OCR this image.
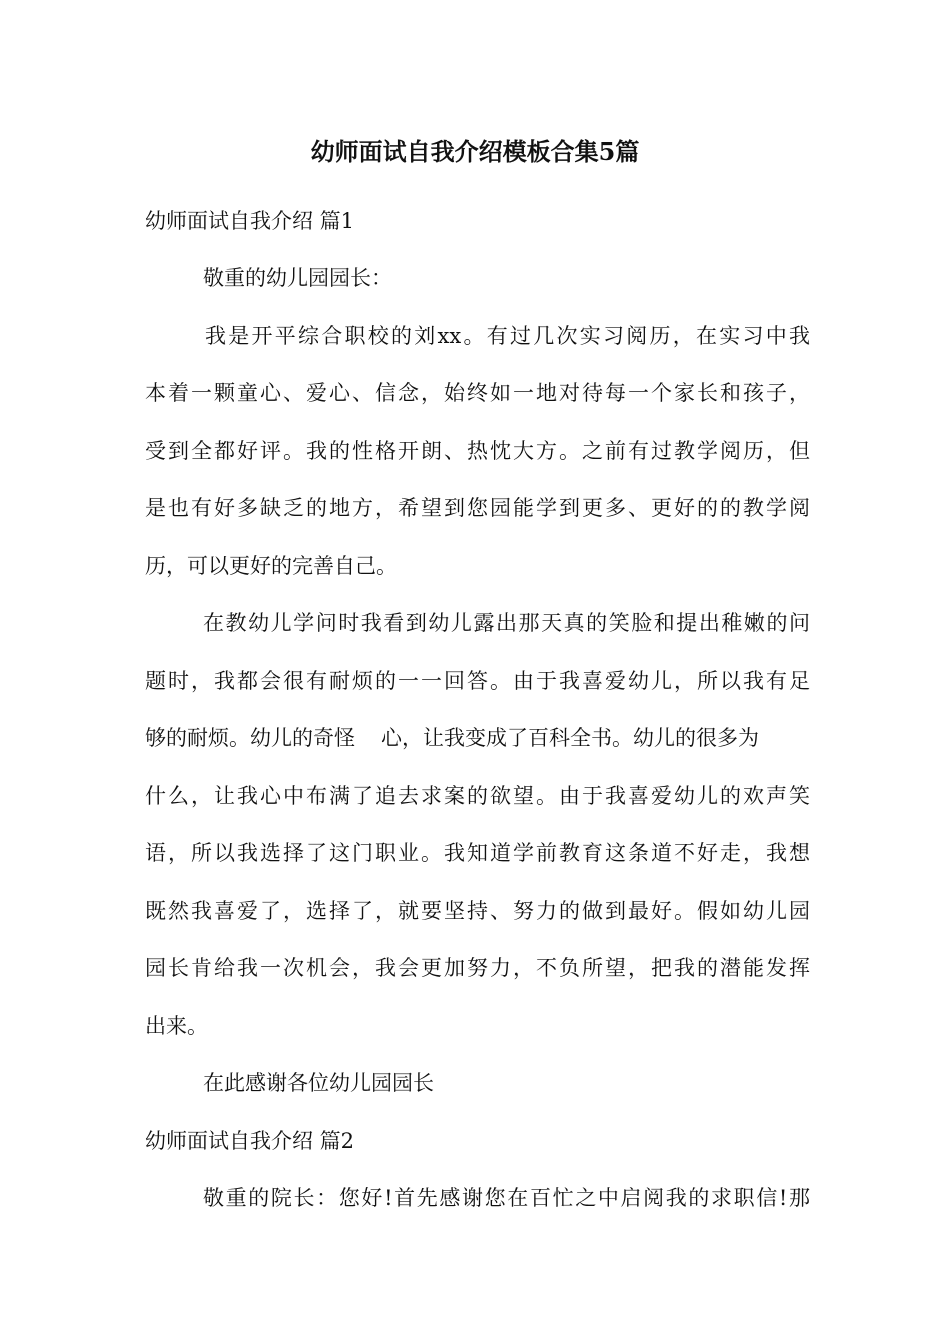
幼师面试自我介绍模板合集5篇
幼师面试自我介绍 篇1
敬重的幼儿园园长：
我是开平综合职校的刘xx。有过几次实习阅历，在实习中我
本着一颗童心、爱心、信念，始终如一地对待每一个家长和孩子，
受到全都好评。我的性格开朗、热忱大方。之前有过教学阅历，但
是也有好多缺乏的地方，希望到您园能学到更多、更好的的教学阅
历，可以更好的完善自己。
在教幼儿学问时我看到幼儿露出那天真的笑脸和提出稚嫩的问
题时，我都会很有耐烦的一一回答。由于我喜爱幼儿，所以我有足
够的耐烦。幼儿的奇怪 心，让我变成了百科全书。幼儿的很多为
什么，让我心中布满了追去求案的欲望。由于我喜爱幼儿的欢声笑
语，所以我选择了这门职业。我知道学前教育这条道不好走，我想
既然我喜爱了，选择了，就要坚持、努力的做到最好。假如幼儿园
园长肯给我一次机会，我会更加努力，不负所望，把我的潜能发挥
出来。
在此感谢各位幼儿园园长
幼师面试自我介绍 篇2
敬重的院长：您好!首先感谢您在百忙之中启阅我的求职信!那
